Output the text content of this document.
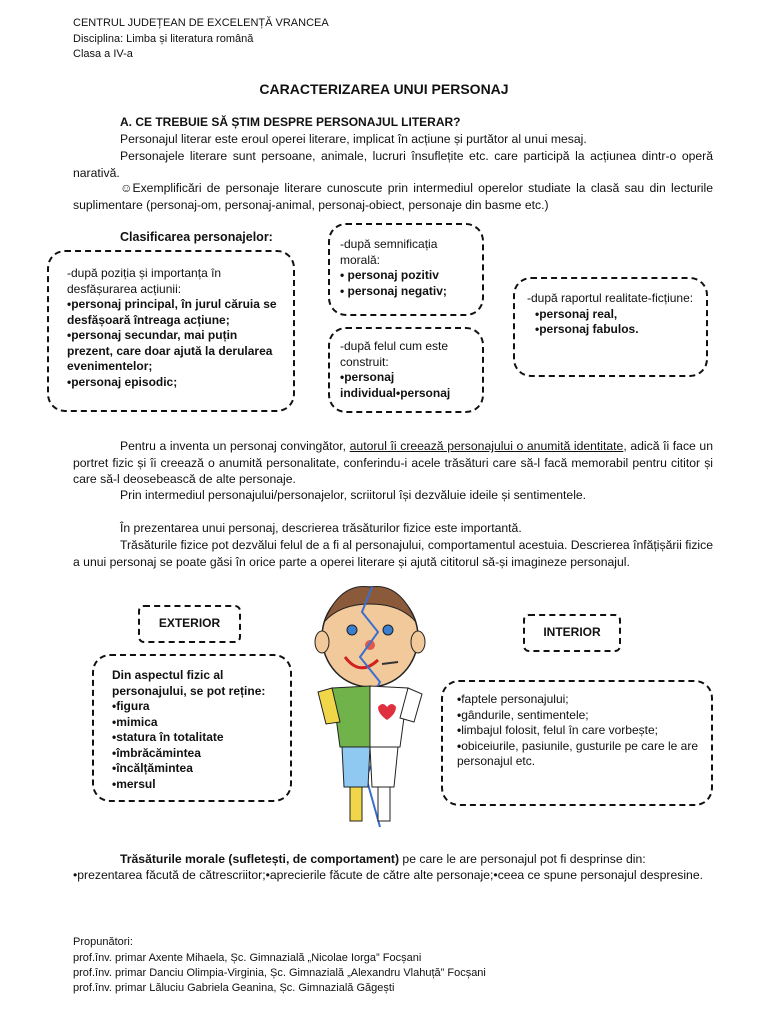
CENTRUL JUDEȚEAN DE EXCELENȚĂ VRANCEA
Disciplina: Limba și literatura română
Clasa a IV-a
CARACTERIZAREA UNUI PERSONAJ
A. CE TREBUIE SĂ ȘTIM DESPRE PERSONAJUL LITERAR?
Personajul literar este eroul operei literare, implicat în acțiune și purtător al unui mesaj.
Personajele literare sunt persoane, animale, lucruri însuflețite etc. care participă la acțiunea dintr-o operă narativă.
☺Exemplificări de personaje literare cunoscute prin intermediul operelor studiate la clasă sau din lecturile suplimentare (personaj-om, personaj-animal, personaj-obiect, personaje din basme etc.)
Clasificarea personajelor:
-după poziția și importanța în desfășurarea acțiunii:
• personaj principal, în jurul căruia se desfășoară întreaga acțiune;
• personaj secundar, mai puțin prezent, care doar ajută la derularea evenimentelor;
• personaj episodic;
-după semnificația morală:
• personaj pozitiv
• personaj negativ;
-după felul cum este construit:
• personaj individual•personaj
-după raportul realitate-ficțiune:
• personaj real,
• personaj fabulos.
Pentru a inventa un personaj convingător, autorul îi creează personajului o anumită identitate, adică îi face un portret fizic și îi creează o anumită personalitate, conferindu-i acele trăsături care să-l facă memorabil pentru cititor și care să-l deosebească de alte personaje.
Prin intermediul personajului/personajelor, scriitorul își dezvăluie ideile și sentimentele.
În prezentarea unui personaj, descrierea trăsăturilor fizice este importantă.
Trăsăturile fizice pot dezvălui felul de a fi al personajului, comportamentul acestuia. Descrierea înfățișării fizice a unui personaj se poate găsi în orice parte a operei literare și ajută cititorul să-și imagineze personajul.
EXTERIOR
Din aspectul fizic al personajului, se pot reține:
• figura
• mimica
• statura în totalitate
• îmbrăcămintea
• încălțămintea
• mersul
INTERIOR
• faptele personajului;
• gândurile, sentimentele;
• limbajul folosit, felul în care vorbește;
• obiceiurile, pasiunile, gusturile pe care le are personajul etc.
Trăsăturile morale (sufletești, de comportament) pe care le are personajul pot fi desprinse din:
•prezentarea făcută de cătrescriitor;•aprecierile făcute de către alte personaje;•ceea ce spune personajul despresine.
Propunători:
prof.înv. primar Axente Mihaela, Șc. Gimnazială „Nicolae Iorga” Focșani
prof.înv. primar Danciu Olimpia-Virginia, Șc. Gimnazială „Alexandru Vlahuță” Focșani
prof.înv. primar Lăluciu Gabriela Geanina, Șc. Gimnazială Găgești
